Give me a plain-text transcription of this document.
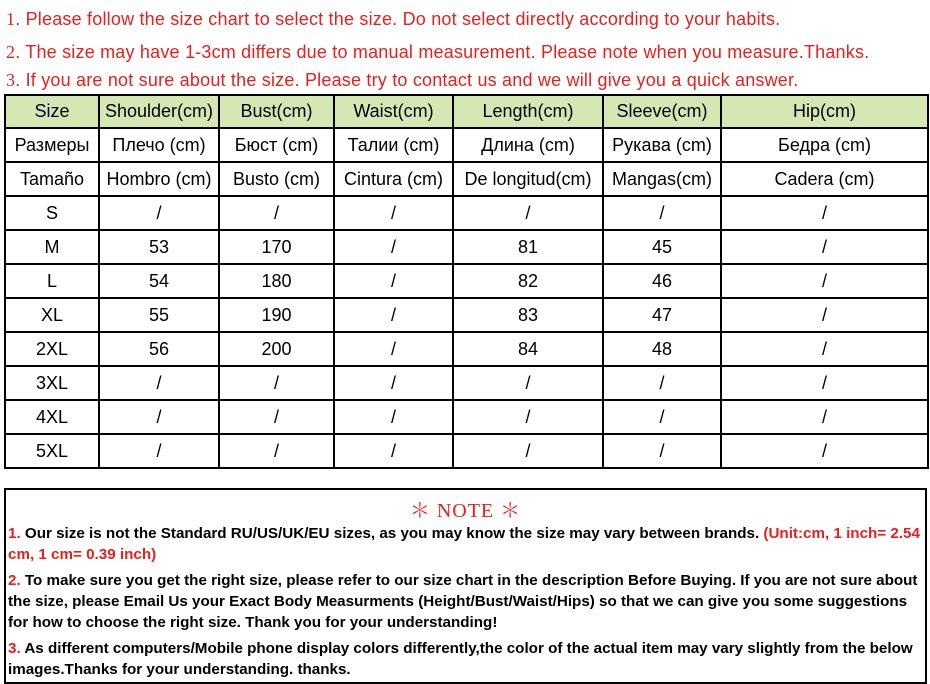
1. Please follow the size chart to select the size. Do not select directly according to your habits.
2. The size may have 1-3cm differs due to manual measurement. Please note when you measure.Thanks.
3. If you are not sure about the size. Please try to contact us and we will give you a quick answer.
Size	Shoulder(cm)	Bust(cm)	Waist(cm)	Length(cm)	Sleeve(cm)	Hip(cm)
Размеры	Плечо (cm)	Бюст (cm)	Талии (cm)	Длина (cm)	Рукава (cm)	Бедра (cm)
Tamaño	Hombro (cm)	Busto (cm)	Cintura (cm)	De longitud(cm)	Mangas(cm)	Cadera (cm)
S	/	/	/	/	/	/
M	53	170	/	81	45	/
L	54	180	/	82	46	/
XL	55	190	/	83	47	/
2XL	56	200	/	84	48	/
3XL	/	/	/	/	/	/
4XL	/	/	/	/	/	/
5XL	/	/	/	/	/	/
＊ NOTE ＊
1. Our size is not the Standard RU/US/UK/EU sizes, as you may know the size may vary between brands. (Unit:cm, 1 inch= 2.54 cm, 1 cm= 0.39 inch)
2. To make sure you get the right size, please refer to our size chart in the description Before Buying. If you are not sure about the size, please Email Us your Exact Body Measurments (Height/Bust/Waist/Hips) so that we can give you some suggestions for how to choose the right size. Thank you for your understanding!
3. As different computers/Mobile phone display colors differently,the color of the actual item may vary slightly from the below images.Thanks for your understanding. thanks.
